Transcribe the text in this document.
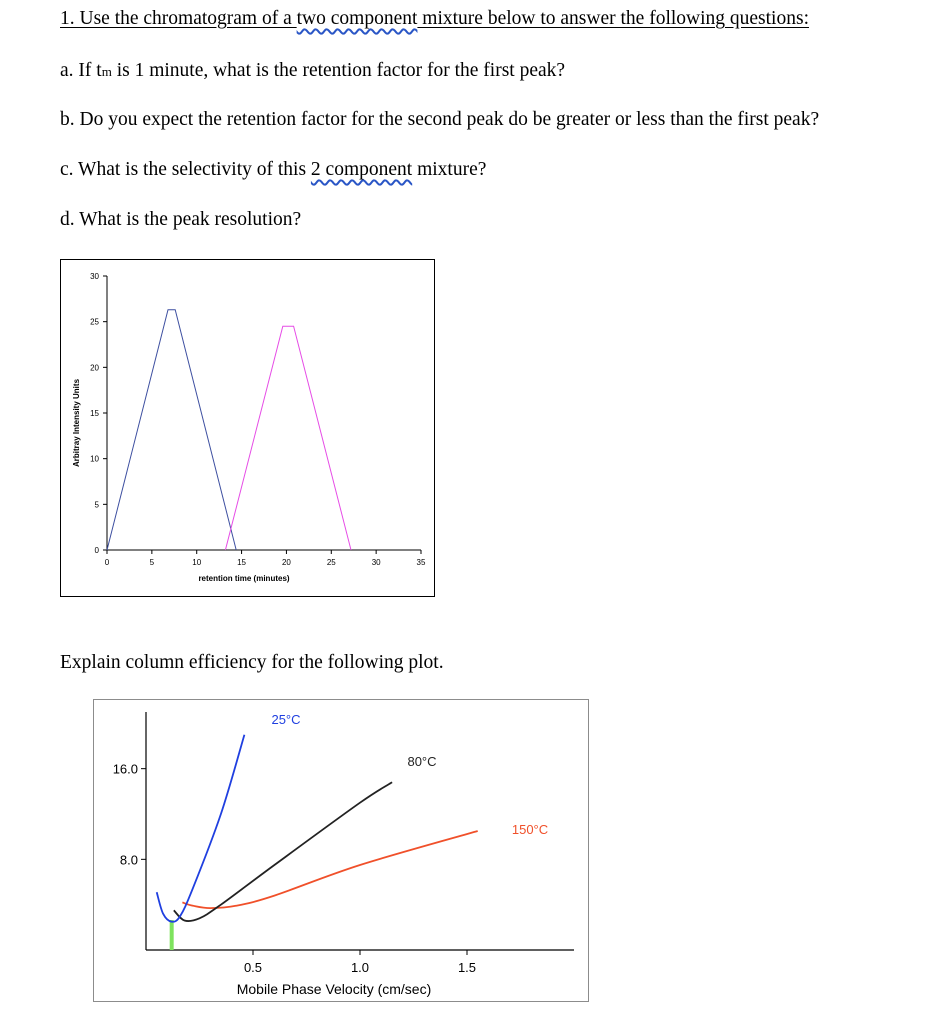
1. Use the chromatogram of a two component mixture below to answer the following questions:
a. If tm is 1 minute, what is the retention factor for the first peak?
b. Do you expect the retention factor for the second peak do be greater or less than the first peak?
c. What is the selectivity of this 2 component mixture?
d. What is the peak resolution?
0
5
10
15
20
25
30
0	5	10	15	20	25	30	35
retention time (minutes)
Arbitray Intensity Units
Explain column efficiency for the following plot.
8.0
16.0
0.5	1.0	1.5
Mobile Phase Velocity (cm/sec)
25°C
80°C
150°C
